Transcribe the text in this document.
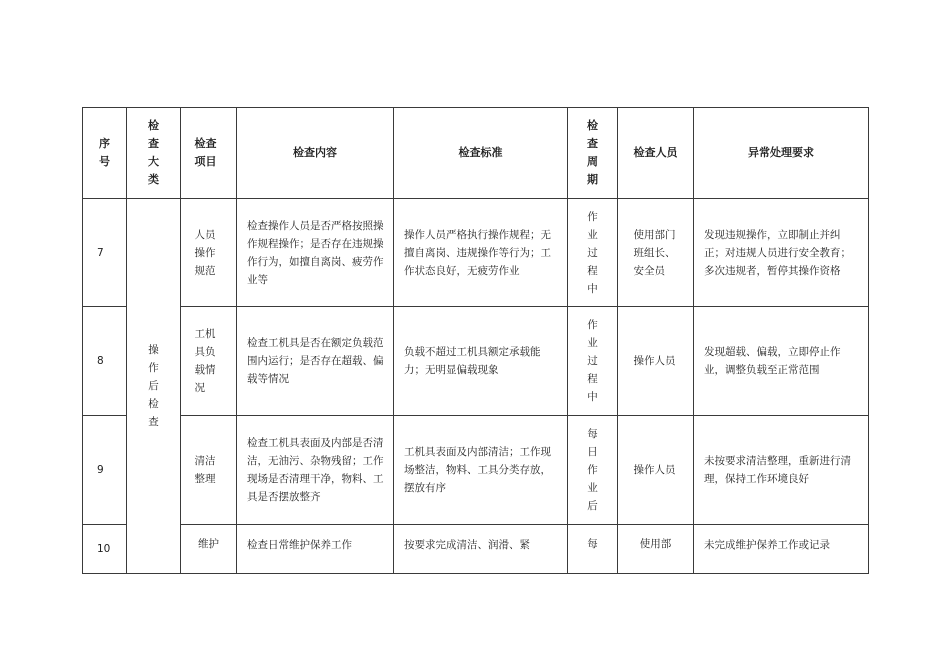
序号	检查大类	检查项目	检查内容	检查标准	检查周期	检查人员	异常处理要求
7	操作后检查	人员操作规范	检查操作人员是否严格按照操作规程操作；是否存在违规操作行为，如擅自离岗、疲劳作业等	操作人员严格执行操作规程；无擅自离岗、违规操作等行为；工作状态良好，无疲劳作业	作业过程中	使用部门班组长、安全员	发现违规操作，立即制止并纠正；对违规人员进行安全教育；多次违规者，暂停其操作资格
8		工机具负载情况	检查工机具是否在额定负载范围内运行；是否存在超载、偏载等情况	负载不超过工机具额定承载能力；无明显偏载现象	作业过程中	操作人员	发现超载、偏载，立即停止作业，调整负载至正常范围
9		清洁整理	检查工机具表面及内部是否清洁，无油污、杂物残留；工作现场是否清理干净，物料、工具是否摆放整齐	工机具表面及内部清洁；工作现场整洁，物料、工具分类存放，摆放有序	每日作业后	操作人员	未按要求清洁整理，重新进行清理，保持工作环境良好
10		维护	检查日常维护保养工作	按要求完成清洁、润滑、紧	每	使用部	未完成维护保养工作或记录
